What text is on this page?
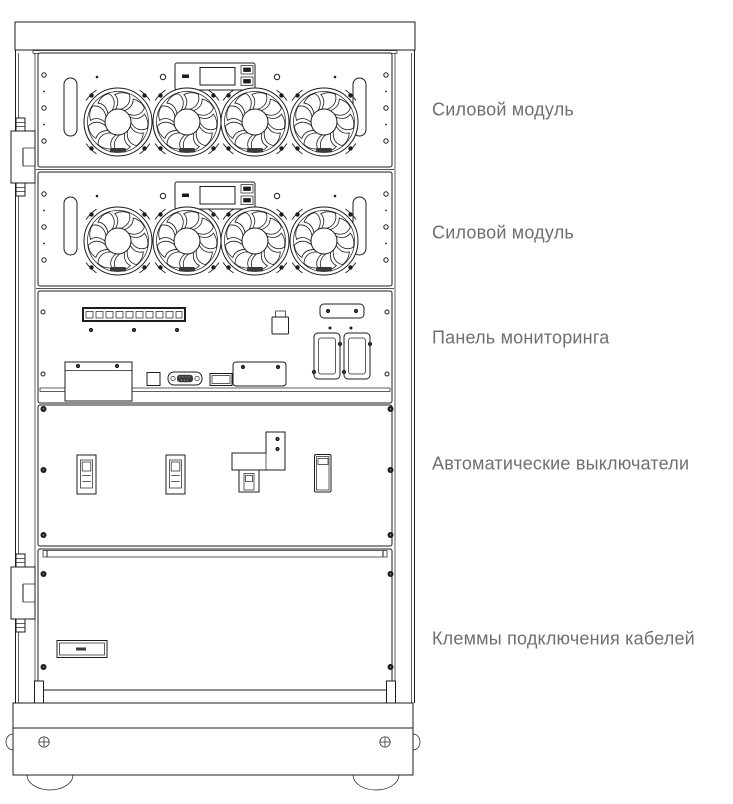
Силовой модуль
Силовой модуль
Панель мониторинга
Автоматические выключатели
Клеммы подключения кабелей
